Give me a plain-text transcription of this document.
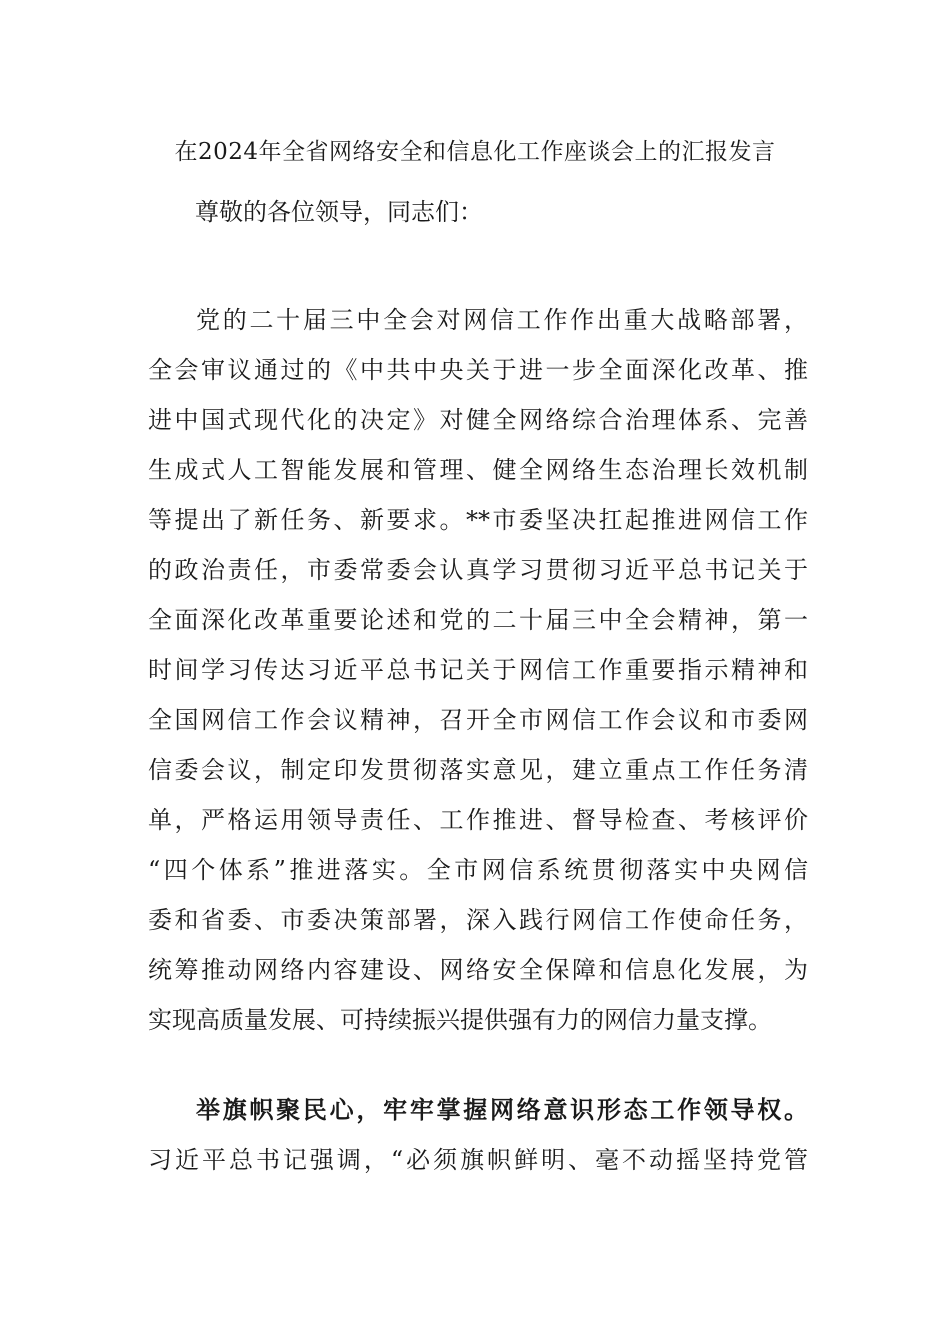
在2024年全省网络安全和信息化工作座谈会上的汇报发言
尊敬的各位领导，同志们：
党的二十届三中全会对网信工作作出重大战略部署，
全会审议通过的《中共中央关于进一步全面深化改革、推
进中国式现代化的决定》对健全网络综合治理体系、完善
生成式人工智能发展和管理、健全网络生态治理长效机制
等提出了新任务、新要求。**市委坚决扛起推进网信工作
的政治责任，市委常委会认真学习贯彻习近平总书记关于
全面深化改革重要论述和党的二十届三中全会精神，第一
时间学习传达习近平总书记关于网信工作重要指示精神和
全国网信工作会议精神，召开全市网信工作会议和市委网
信委会议，制定印发贯彻落实意见，建立重点工作任务清
单，严格运用领导责任、工作推进、督导检查、考核评价
“四个体系”推进落实。全市网信系统贯彻落实中央网信
委和省委、市委决策部署，深入践行网信工作使命任务，
统筹推动网络内容建设、网络安全保障和信息化发展，为
实现高质量发展、可持续振兴提供强有力的网信力量支撑。
举旗帜聚民心，牢牢掌握网络意识形态工作领导权。
习近平总书记强调，“必须旗帜鲜明、毫不动摇坚持党管
